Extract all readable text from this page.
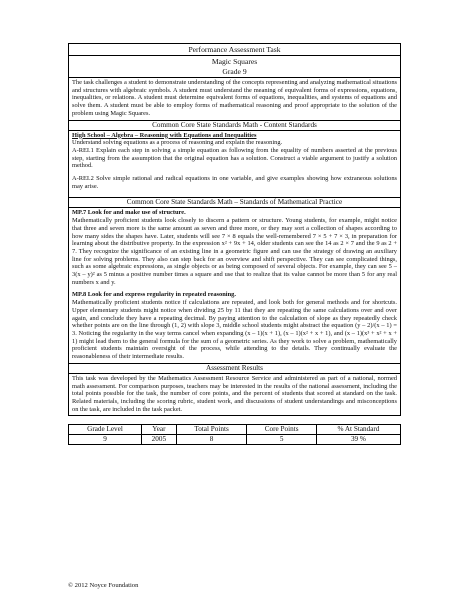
Performance Assessment Task
Magic Squares
Grade 9
The task challenges a student to demonstrate understanding of the concepts representing and analyzing mathematical situations and structures with algebraic symbols. A student must understand the meaning of equivalent forms of expressions, equations, inequalities, or relations. A student must determine equivalent forms of equations, inequalities, and systems of equations and solve them. A student must be able to employ forms of mathematical reasoning and proof appropriate to the solution of the problem using Magic Squares.
Common Core State Standards Math - Content Standards

High School – Algebra – Reasoning with Equations and Inequalities

Understand solving equations as a process of reasoning and explain the reasoning.

A-REI.1 Explain each step in solving a simple equation as following from the equality of numbers asserted at the previous step, starting from the assumption that the original equation has a solution. Construct a viable argument to justify a solution method.

A-REI.2 Solve simple rational and radical equations in one variable, and give examples showing how extraneous solutions may arise.

Common Core State Standards Math – Standards of Mathematical Practice

MP.7 Look for and make use of structure.

Mathematically proficient students look closely to discern a pattern or structure. Young students, for example, might notice that three and seven more is the same amount as seven and three more, or they may sort a collection of shapes according to how many sides the shapes have. Later, students will see 7 × 8 equals the well-remembered 7 × 5 + 7 × 3, in preparation for learning about the distributive property. In the expression x² + 9x + 14, older students can see the 14 as 2 × 7 and the 9 as 2 + 7. They recognize the significance of an existing line in a geometric figure and can use the strategy of drawing an auxiliary line for solving problems. They also can step back for an overview and shift perspective. They can see complicated things, such as some algebraic expressions, as single objects or as being composed of several objects. For example, they can see 5 – 3(x – y)² as 5 minus a positive number times a square and use that to realize that its value cannot be more than 5 for any real numbers x and y.

MP.8 Look for and express regularity in repeated reasoning.

Mathematically proficient students notice if calculations are repeated, and look both for general methods and for shortcuts. Upper elementary students might notice when dividing 25 by 11 that they are repeating the same calculations over and over again, and conclude they have a repeating decimal. By paying attention to the calculation of slope as they repeatedly check whether points are on the line through (1, 2) with slope 3, middle school students might abstract the equation (y – 2)/(x – 1) = 3. Noticing the regularity in the way terms cancel when expanding (x – 1)(x + 1), (x – 1)(x² + x + 1), and (x – 1)(x³ + x² + x + 1) might lead them to the general formula for the sum of a geometric series. As they work to solve a problem, mathematically proficient students maintain oversight of the process, while attending to the details. They continually evaluate the reasonableness of their intermediate results.

Assessment Results
This task was developed by the Mathematics Assessment Resource Service and administered as part of a national, normed math assessment. For comparison purposes, teachers may be interested in the results of the national assessment, including the total points possible for the task, the number of core points, and the percent of students that scored at standard on the task. Related materials, including the scoring rubric, student work, and discussions of student understandings and misconceptions on the task, are included in the task packet.
Grade Level	Year	Total Points	Core Points	% At Standard
9	2005	8	5	39 %
© 2012 Noyce Foundation
